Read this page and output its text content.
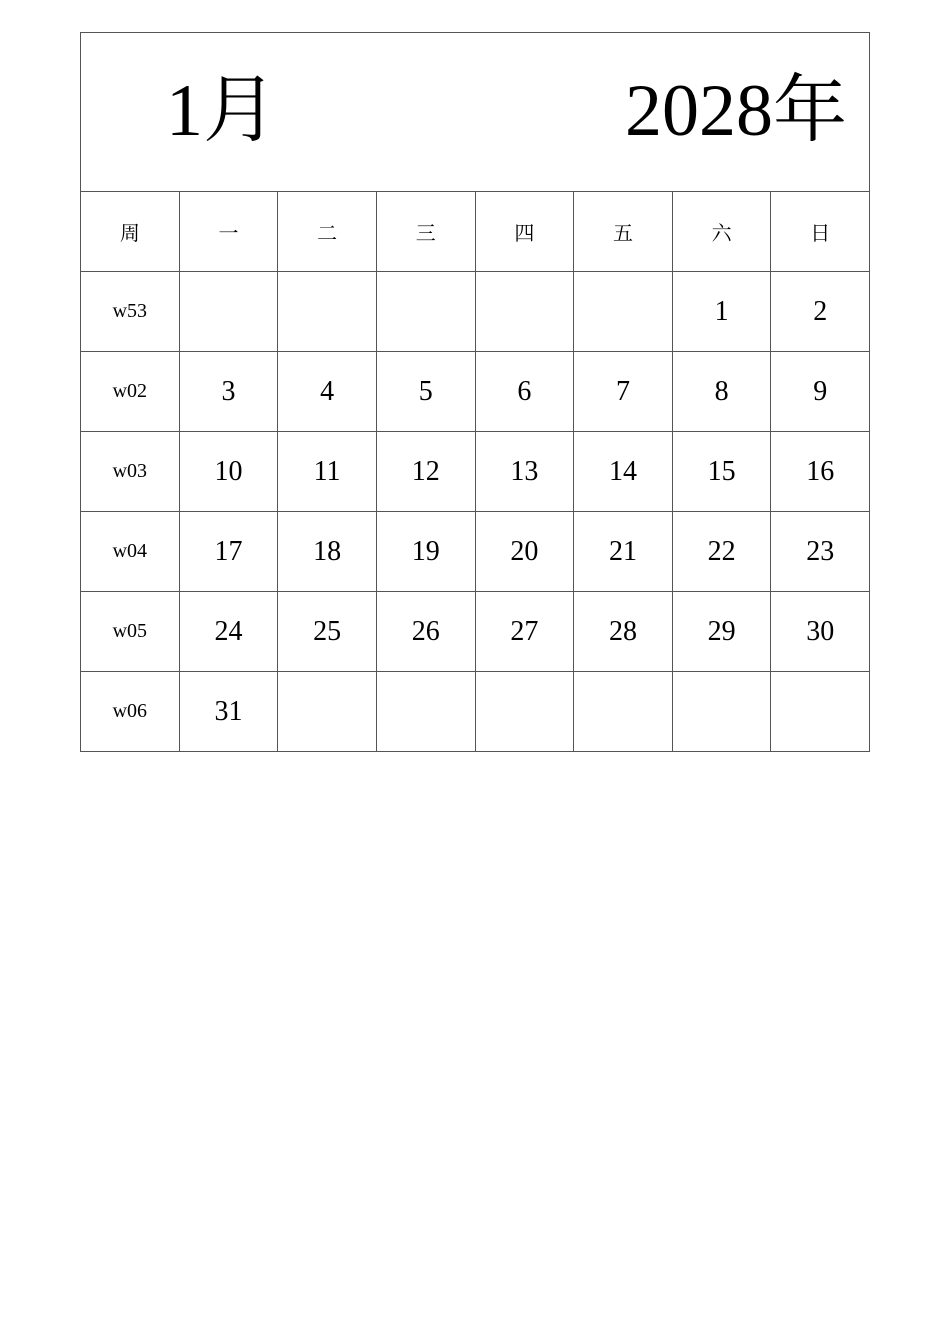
1月 2028年							

周	一	二	三	四	五	六	日
w53						1	2
w02	3	4	5	6	7	8	9
w03	10	11	12	13	14	15	16
w04	17	18	19	20	21	22	23
w05	24	25	26	27	28	29	30
w06	31						
